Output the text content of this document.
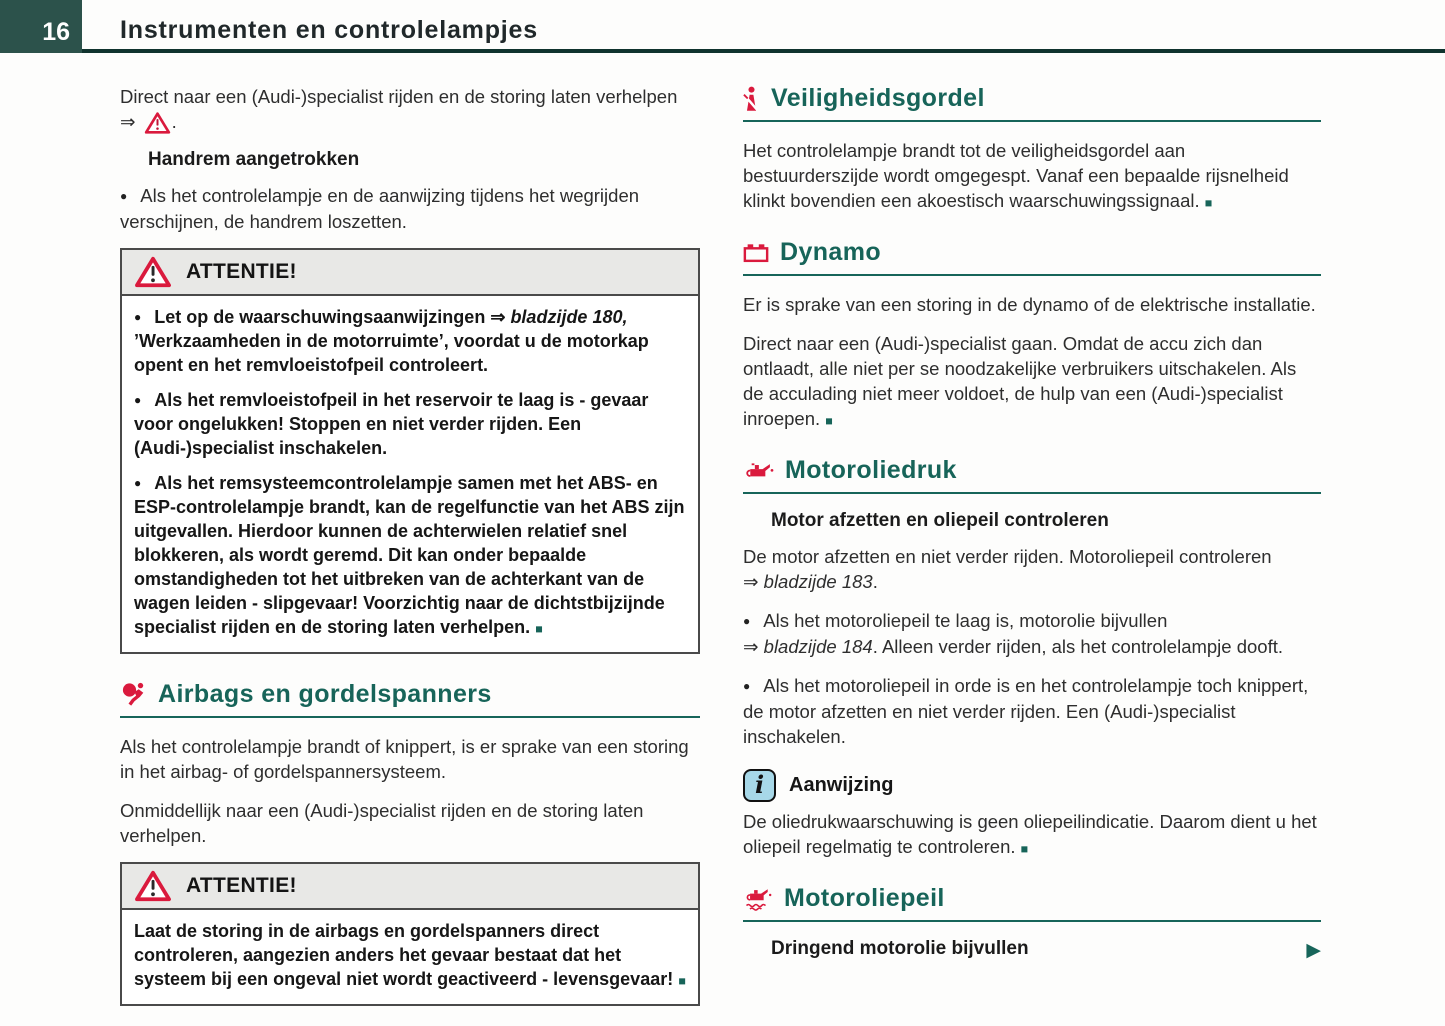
16 Instrumenten en controlelampjes

Direct naar een (Audi-)specialist rijden en de storing laten verhelpen
⇒ .

Handrem aangetrokken

● Als het controlelampje en de aanwijzing tijdens het wegrijden verschijnen, de handrem loszetten.

ATTENTIE!

● Let op de waarschuwingsaanwijzingen ⇒ bladzijde 180, ’Werkzaamheden in de motorruimte’, voordat u de motorkap opent en het remvloeistofpeil controleert.

● Als het remvloeistofpeil in het reservoir te laag is - gevaar voor ongelukken! Stoppen en niet verder rijden. Een (Audi-)specialist inschakelen.

● Als het remsysteemcontrolelampje samen met het ABS- en ESP-controlelampje brandt, kan de regelfunctie van het ABS zijn uitgevallen. Hierdoor kunnen de achterwielen relatief snel blokkeren, als wordt geremd. Dit kan onder bepaalde omstandigheden tot het uitbreken van de achterkant van de wagen leiden - slipgevaar! Voorzichtig naar de dichtstbijzijnde specialist rijden en de storing laten verhelpen. ■

Airbags en gordelspanners

Als het controlelampje brandt of knippert, is er sprake van een storing in het airbag- of gordelspannersysteem.

Onmiddellijk naar een (Audi-)specialist rijden en de storing laten verhelpen.

ATTENTIE!

Laat de storing in de airbags en gordelspanners direct controleren, aangezien anders het gevaar bestaat dat het systeem bij een ongeval niet wordt geactiveerd - levensgevaar! ■

Veiligheidsgordel

Het controlelampje brandt tot de veiligheidsgordel aan bestuurderszijde wordt omgegespt. Vanaf een bepaalde rijsnelheid klinkt bovendien een akoestisch waarschuwingssignaal. ■

Dynamo

Er is sprake van een storing in de dynamo of de elektrische installatie.

Direct naar een (Audi-)specialist gaan. Omdat de accu zich dan ontlaadt, alle niet per se noodzakelijke verbruikers uitschakelen. Als de acculading niet meer voldoet, de hulp van een (Audi-)specialist inroepen. ■

Motoroliedruk
Motor afzetten en oliepeil controleren

De motor afzetten en niet verder rijden. Motoroliepeil controleren
⇒ bladzijde 183.

● Als het motoroliepeil te laag is, motorolie bijvullen
⇒ bladzijde 184. Alleen verder rijden, als het controlelampje dooft.

● Als het motoroliepeil in orde is en het controlelampje toch knippert, de motor afzetten en niet verder rijden. Een (Audi-)specialist inschakelen.

i Aanwijzing

De oliedrukwaarschuwing is geen oliepeilindicatie. Daarom dient u het oliepeil regelmatig te controleren. ■

Motoroliepeil
Dringend motorolie bijvullen	▶
